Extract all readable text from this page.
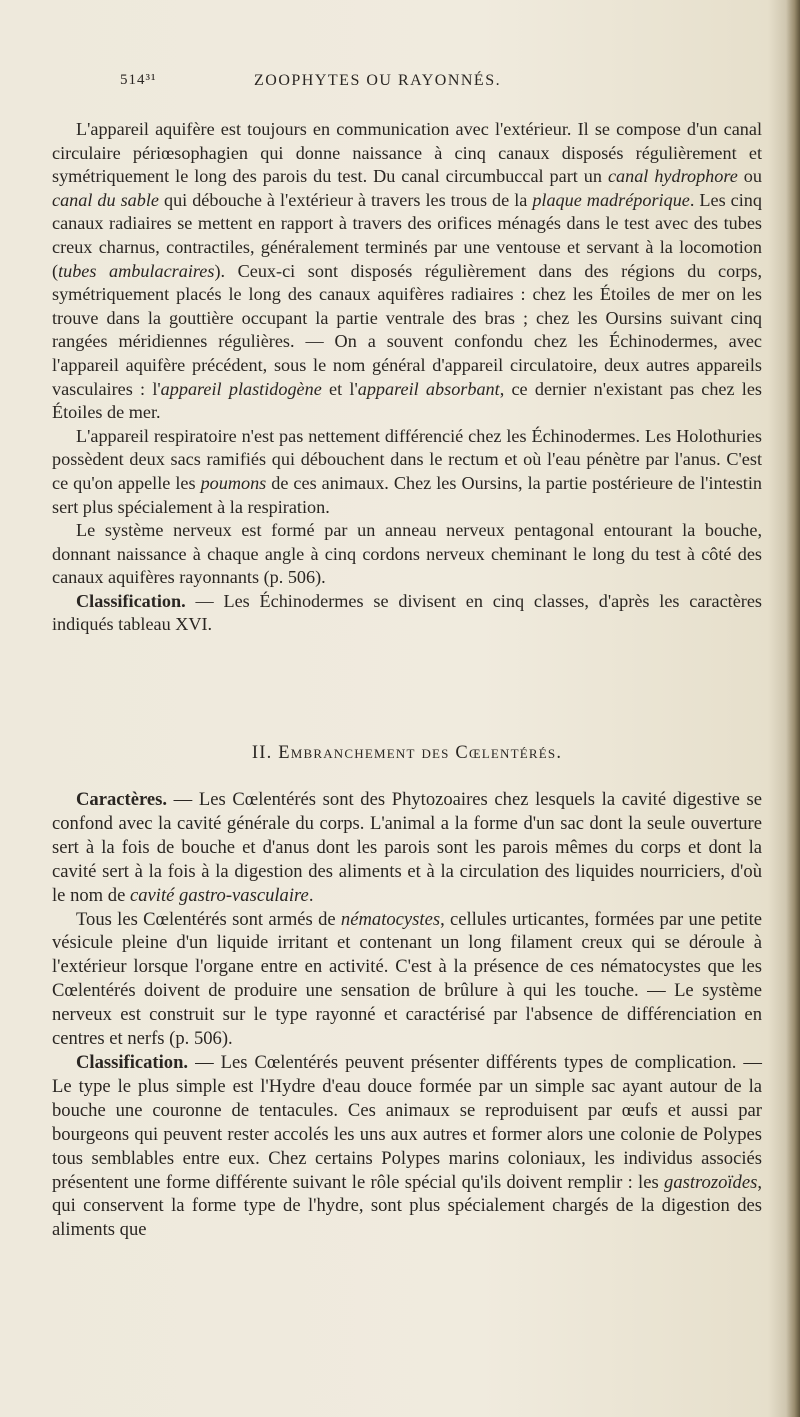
514³¹	ZOOPHYTES OU RAYONNÉS.

L'appareil aquifère est toujours en communication avec l'extérieur. Il se compose d'un canal circulaire périœsophagien qui donne naissance à cinq canaux disposés régulièrement et symétriquement le long des parois du test. Du canal circumbuccal part un canal hydrophore ou canal du sable qui débouche à l'extérieur à travers les trous de la plaque madréporique. Les cinq canaux radiaires se mettent en rapport à travers des orifices ménagés dans le test avec des tubes creux charnus, contractiles, généralement terminés par une ventouse et servant à la locomotion (tubes ambulacraires). Ceux-ci sont disposés régulièrement dans des régions du corps, symétriquement placés le long des canaux aquifères radiaires : chez les Étoiles de mer on les trouve dans la gouttière occupant la partie ventrale des bras ; chez les Oursins suivant cinq rangées méridiennes régulières. — On a souvent confondu chez les Échinodermes, avec l'appareil aquifère précédent, sous le nom général d'appareil circulatoire, deux autres appareils vasculaires : l'appareil plastidogène et l'appareil absorbant, ce dernier n'existant pas chez les Étoiles de mer.

L'appareil respiratoire n'est pas nettement différencié chez les Échinodermes. Les Holothuries possèdent deux sacs ramifiés qui débouchent dans le rectum et où l'eau pénètre par l'anus. C'est ce qu'on appelle les poumons de ces animaux. Chez les Oursins, la partie postérieure de l'intestin sert plus spécialement à la respiration.

Le système nerveux est formé par un anneau nerveux pentagonal entourant la bouche, donnant naissance à chaque angle à cinq cordons nerveux cheminant le long du test à côté des canaux aquifères rayonnants (p. 506).

Classification. — Les Échinodermes se divisent en cinq classes, d'après les caractères indiqués tableau XVI.

II. Embranchement des Cœlentérés.

Caractères. — Les Cœlentérés sont des Phytozoaires chez lesquels la cavité digestive se confond avec la cavité générale du corps. L'animal a la forme d'un sac dont la seule ouverture sert à la fois de bouche et d'anus dont les parois sont les parois mêmes du corps et dont la cavité sert à la fois à la digestion des aliments et à la circulation des liquides nourriciers, d'où le nom de cavité gastro-vasculaire.

Tous les Cœlentérés sont armés de nématocystes, cellules urticantes, formées par une petite vésicule pleine d'un liquide irritant et contenant un long filament creux qui se déroule à l'extérieur lorsque l'organe entre en activité. C'est à la présence de ces nématocystes que les Cœlentérés doivent de produire une sensation de brûlure à qui les touche. — Le système nerveux est construit sur le type rayonné et caractérisé par l'absence de différenciation en centres et nerfs (p. 506).

Classification. — Les Cœlentérés peuvent présenter différents types de complication. — Le type le plus simple est l'Hydre d'eau douce formée par un simple sac ayant autour de la bouche une couronne de tentacules. Ces animaux se reproduisent par œufs et aussi par bourgeons qui peuvent rester accolés les uns aux autres et former alors une colonie de Polypes tous semblables entre eux. Chez certains Polypes marins coloniaux, les individus associés présentent une forme différente suivant le rôle spécial qu'ils doivent remplir : les gastrozoïdes, qui conservent la forme type de l'hydre, sont plus spécialement chargés de la digestion des aliments que
